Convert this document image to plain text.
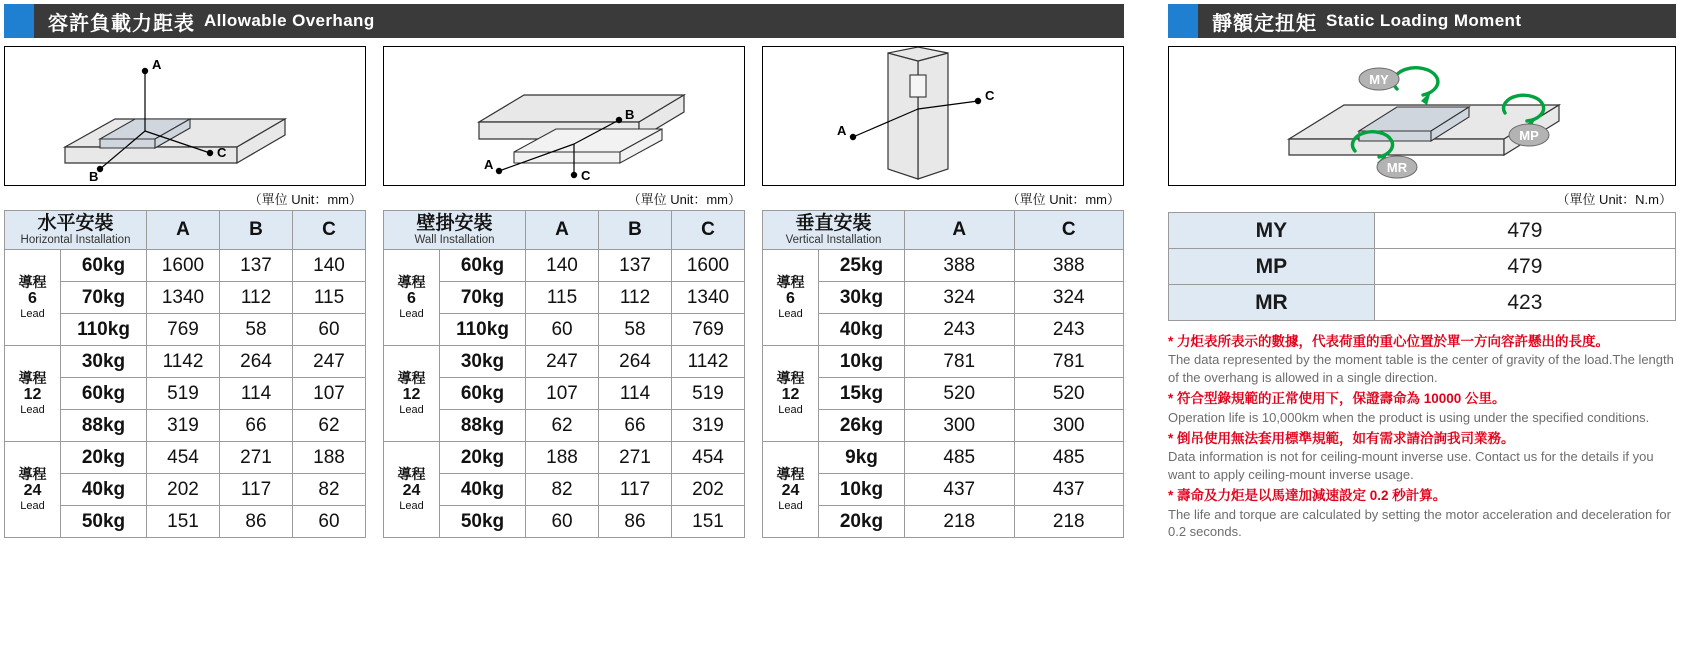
容許負載力距表 Allowable Overhang
A
C
B
（單位 Unit：mm）
水平安裝
Horizontal Installation		A	B	C

導程
6
Lead	60kg	1600	137	140
	70kg	1340	112	115
	110kg	769	58	60

導程
12
Lead	30kg	1142	264	247
	60kg	519	114	107
	88kg	319	66	62

導程
24
Lead	20kg	454	271	188
	40kg	202	117	82
	50kg	151	86	60
A
B
C
（單位 Unit：mm）
壁掛安裝
Wall Installation		A	B	C

導程
6
Lead	60kg	140	137	1600
	70kg	115	112	1340
	110kg	60	58	769

導程
12
Lead	30kg	247	264	1142
	60kg	107	114	519
	88kg	62	66	319

導程
24
Lead	20kg	188	271	454
	40kg	82	117	202
	50kg	60	86	151
A
C
（單位 Unit：mm）
垂直安裝
Vertical Installation		A	C

導程
6
Lead	25kg	388	388
	30kg	324	324
	40kg	243	243

導程
12
Lead	10kg	781	781
	15kg	520	520
	26kg	300	300

導程
24
Lead	9kg	485	485
	10kg	437	437
	20kg	218	218
靜額定扭矩 Static Loading Moment
MY
MP
MR
（單位 Unit：N.m）
MY	479
MP	479
MR	423
* 力炬表所表示的數據，代表荷重的重心位置於單一方向容許懸出的長度。
The data represented by the moment table is the center of gravity of the load.The length of the overhang is allowed in a single direction.
* 符合型錄規範的正常使用下，保證壽命為 10000 公里。
Operation life is 10,000km when the product is using under the specified conditions.
* 倒吊使用無法套用標準規範，如有需求請洽詢我司業務。
Data information is not for ceiling-mount inverse use. Contact us for the details if you want to apply ceiling-mount inverse usage.
* 壽命及力炬是以馬達加減速設定 0.2 秒計算。
The life and torque are calculated by setting the motor acceleration and deceleration for 0.2 seconds.
